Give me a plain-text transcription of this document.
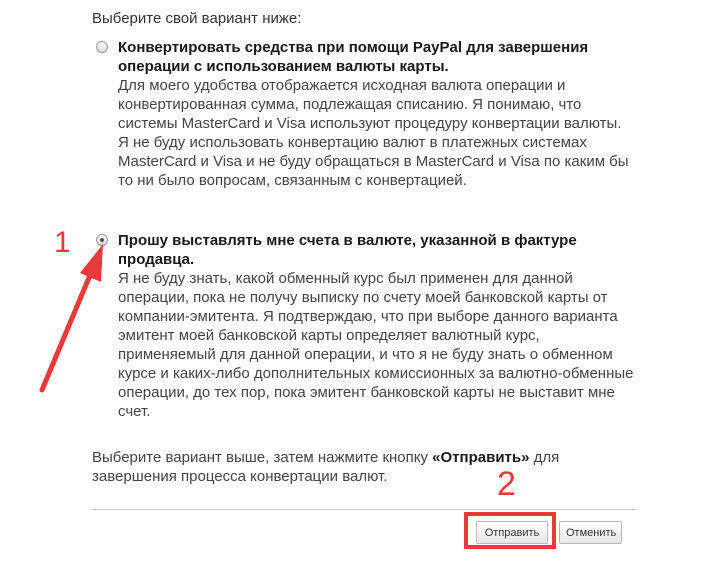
Выберите свой вариант ниже:
Конвертировать средства при помощи PayPal для завершения операции с использованием валюты карты.
Для моего удобства отображается исходная валюта операции и конвертированная сумма, подлежащая списанию. Я понимаю, что системы MasterCard и Visa используют процедуру конвертации валюты. Я не буду использовать конвертацию валют в платежных системах MasterCard и Visa и не буду обращаться в MasterCard и Visa по каким бы то ни было вопросам, связанным с конвертацией.
Прошу выставлять мне счета в валюте, указанной в фактуре продавца.
Я не буду знать, какой обменный курс был применен для данной операции, пока не получу выписку по счету моей банковской карты от компании-эмитента. Я подтверждаю, что при выборе данного варианта эмитент моей банковской карты определяет валютный курс, применяемый для данной операции, и что я не буду знать о обменном курсе и каких-либо дополнительных комиссионных за валютно-обменные операции, до тех пор, пока эмитент банковской карты не выставит мне счет.
Выберите вариант выше, затем нажмите кнопку «Отправить» для завершения процесса конвертации валют.
Отправить	Отменить
1
2
